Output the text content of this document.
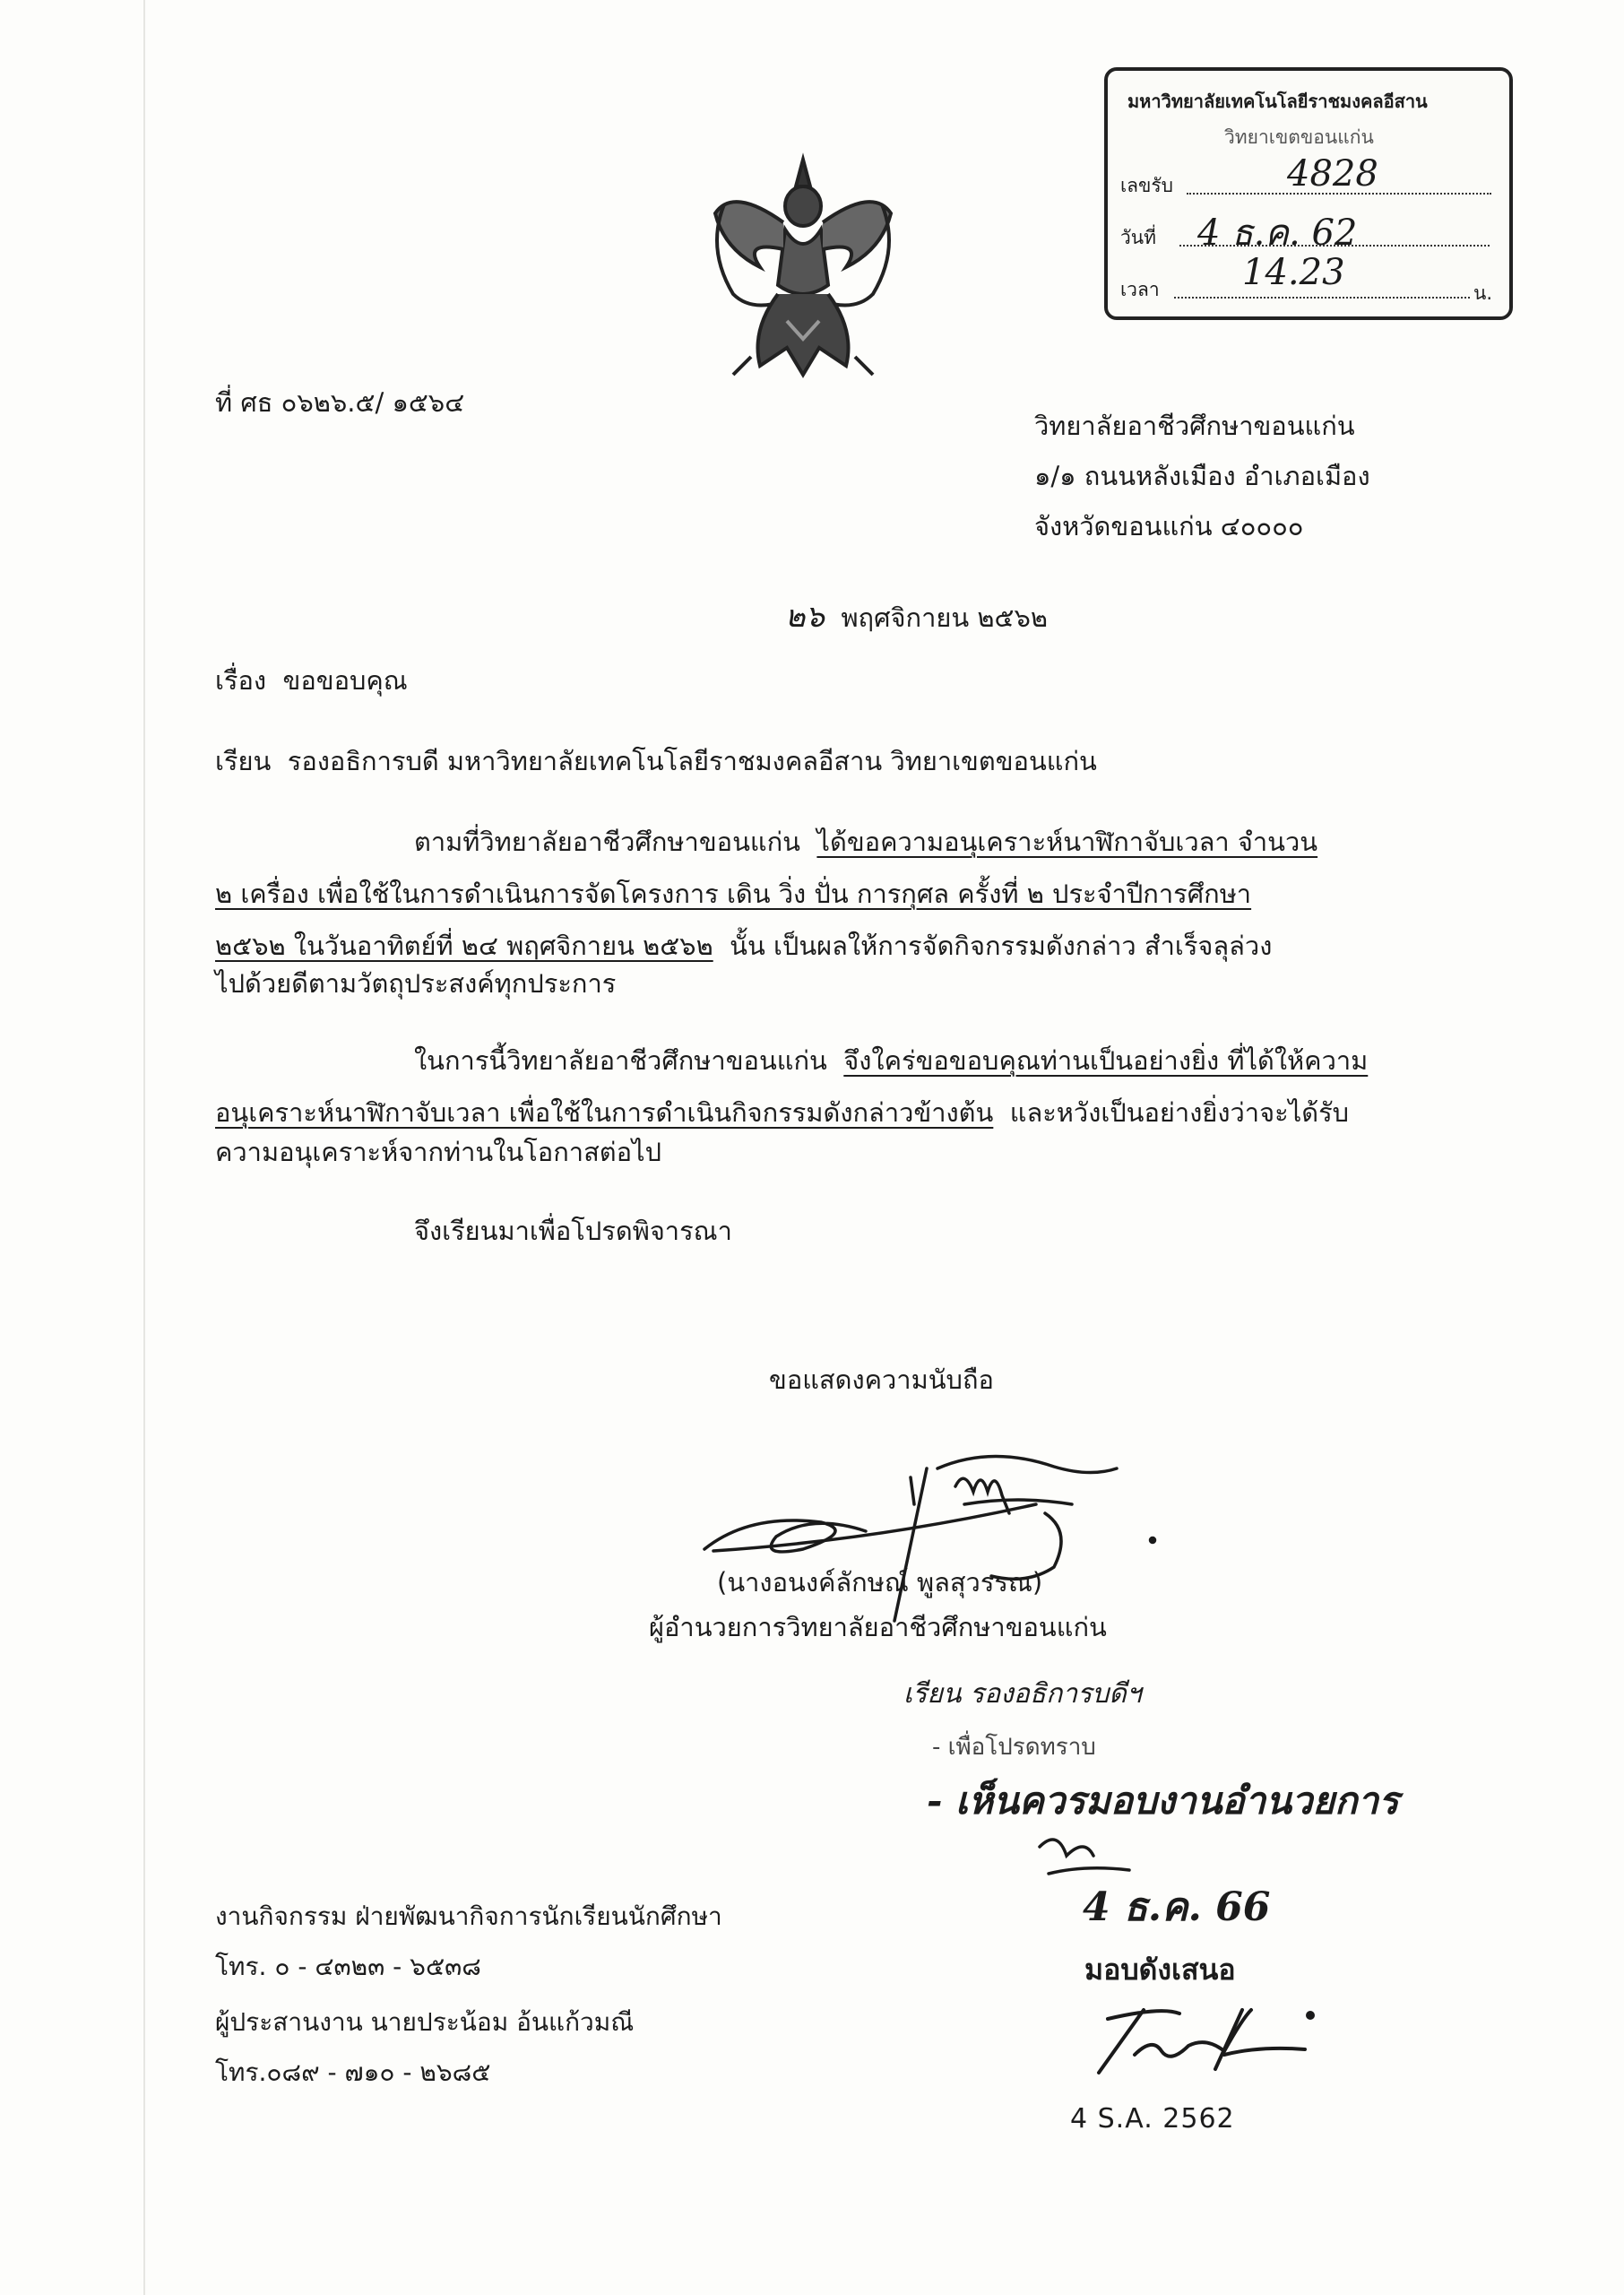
มหาวิทยาลัยเทคโนโลยีราชมงคลอีสาน
วิทยาเขตขอนแก่น
เลขรับ	4828
วันที่ 4 ธ.ค. 62
เวลา 14.23	น.
ที่ ศธ ๐๖๒๖.๕/ ๑๕๖๔
วิทยาลัยอาชีวศึกษาขอนแก่น
๑/๑ ถนนหลังเมือง อำเภอเมือง
จังหวัดขอนแก่น ๔๐๐๐๐
๒๖ พฤศจิกายน ๒๕๖๒
เรื่อง ขอขอบคุณ
เรียน รองอธิการบดี มหาวิทยาลัยเทคโนโลยีราชมงคลอีสาน วิทยาเขตขอนแก่น
ตามที่วิทยาลัยอาชีวศึกษาขอนแก่น ได้ขอความอนุเคราะห์นาฬิกาจับเวลา จำนวน
๒ เครื่อง เพื่อใช้ในการดำเนินการจัดโครงการ เดิน วิ่ง ปั่น การกุศล ครั้งที่ ๒ ประจำปีการศึกษา
๒๕๖๒ ในวันอาทิตย์ที่ ๒๔ พฤศจิกายน ๒๕๖๒ นั้น เป็นผลให้การจัดกิจกรรมดังกล่าว สำเร็จลุล่วง
ไปด้วยดีตามวัตถุประสงค์ทุกประการ
ในการนี้วิทยาลัยอาชีวศึกษาขอนแก่น จึงใคร่ขอขอบคุณท่านเป็นอย่างยิ่ง ที่ได้ให้ความ
อนุเคราะห์นาฬิกาจับเวลา เพื่อใช้ในการดำเนินกิจกรรมดังกล่าวข้างต้น และหวังเป็นอย่างยิ่งว่าจะได้รับ
ความอนุเคราะห์จากท่านในโอกาสต่อไป
จึงเรียนมาเพื่อโปรดพิจารณา
ขอแสดงความนับถือ
(นางอนงค์ลักษณ์ พูลสุวรรณ)
ผู้อำนวยการวิทยาลัยอาชีวศึกษาขอนแก่น
เรียน รองอธิการบดีฯ
- เพื่อโปรดทราบ
- เห็นควรมอบงานอำนวยการ
4 ธ.ค. 66
มอบดังเสนอ
4 S.A. 2562
งานกิจกรรม ฝ่ายพัฒนากิจการนักเรียนนักศึกษา
โทร. ๐ - ๔๓๒๓ - ๖๕๓๘
ผู้ประสานงาน นายประน้อม อ้นแก้วมณี
โทร.๐๘๙ - ๗๑๐ - ๒๖๘๕
